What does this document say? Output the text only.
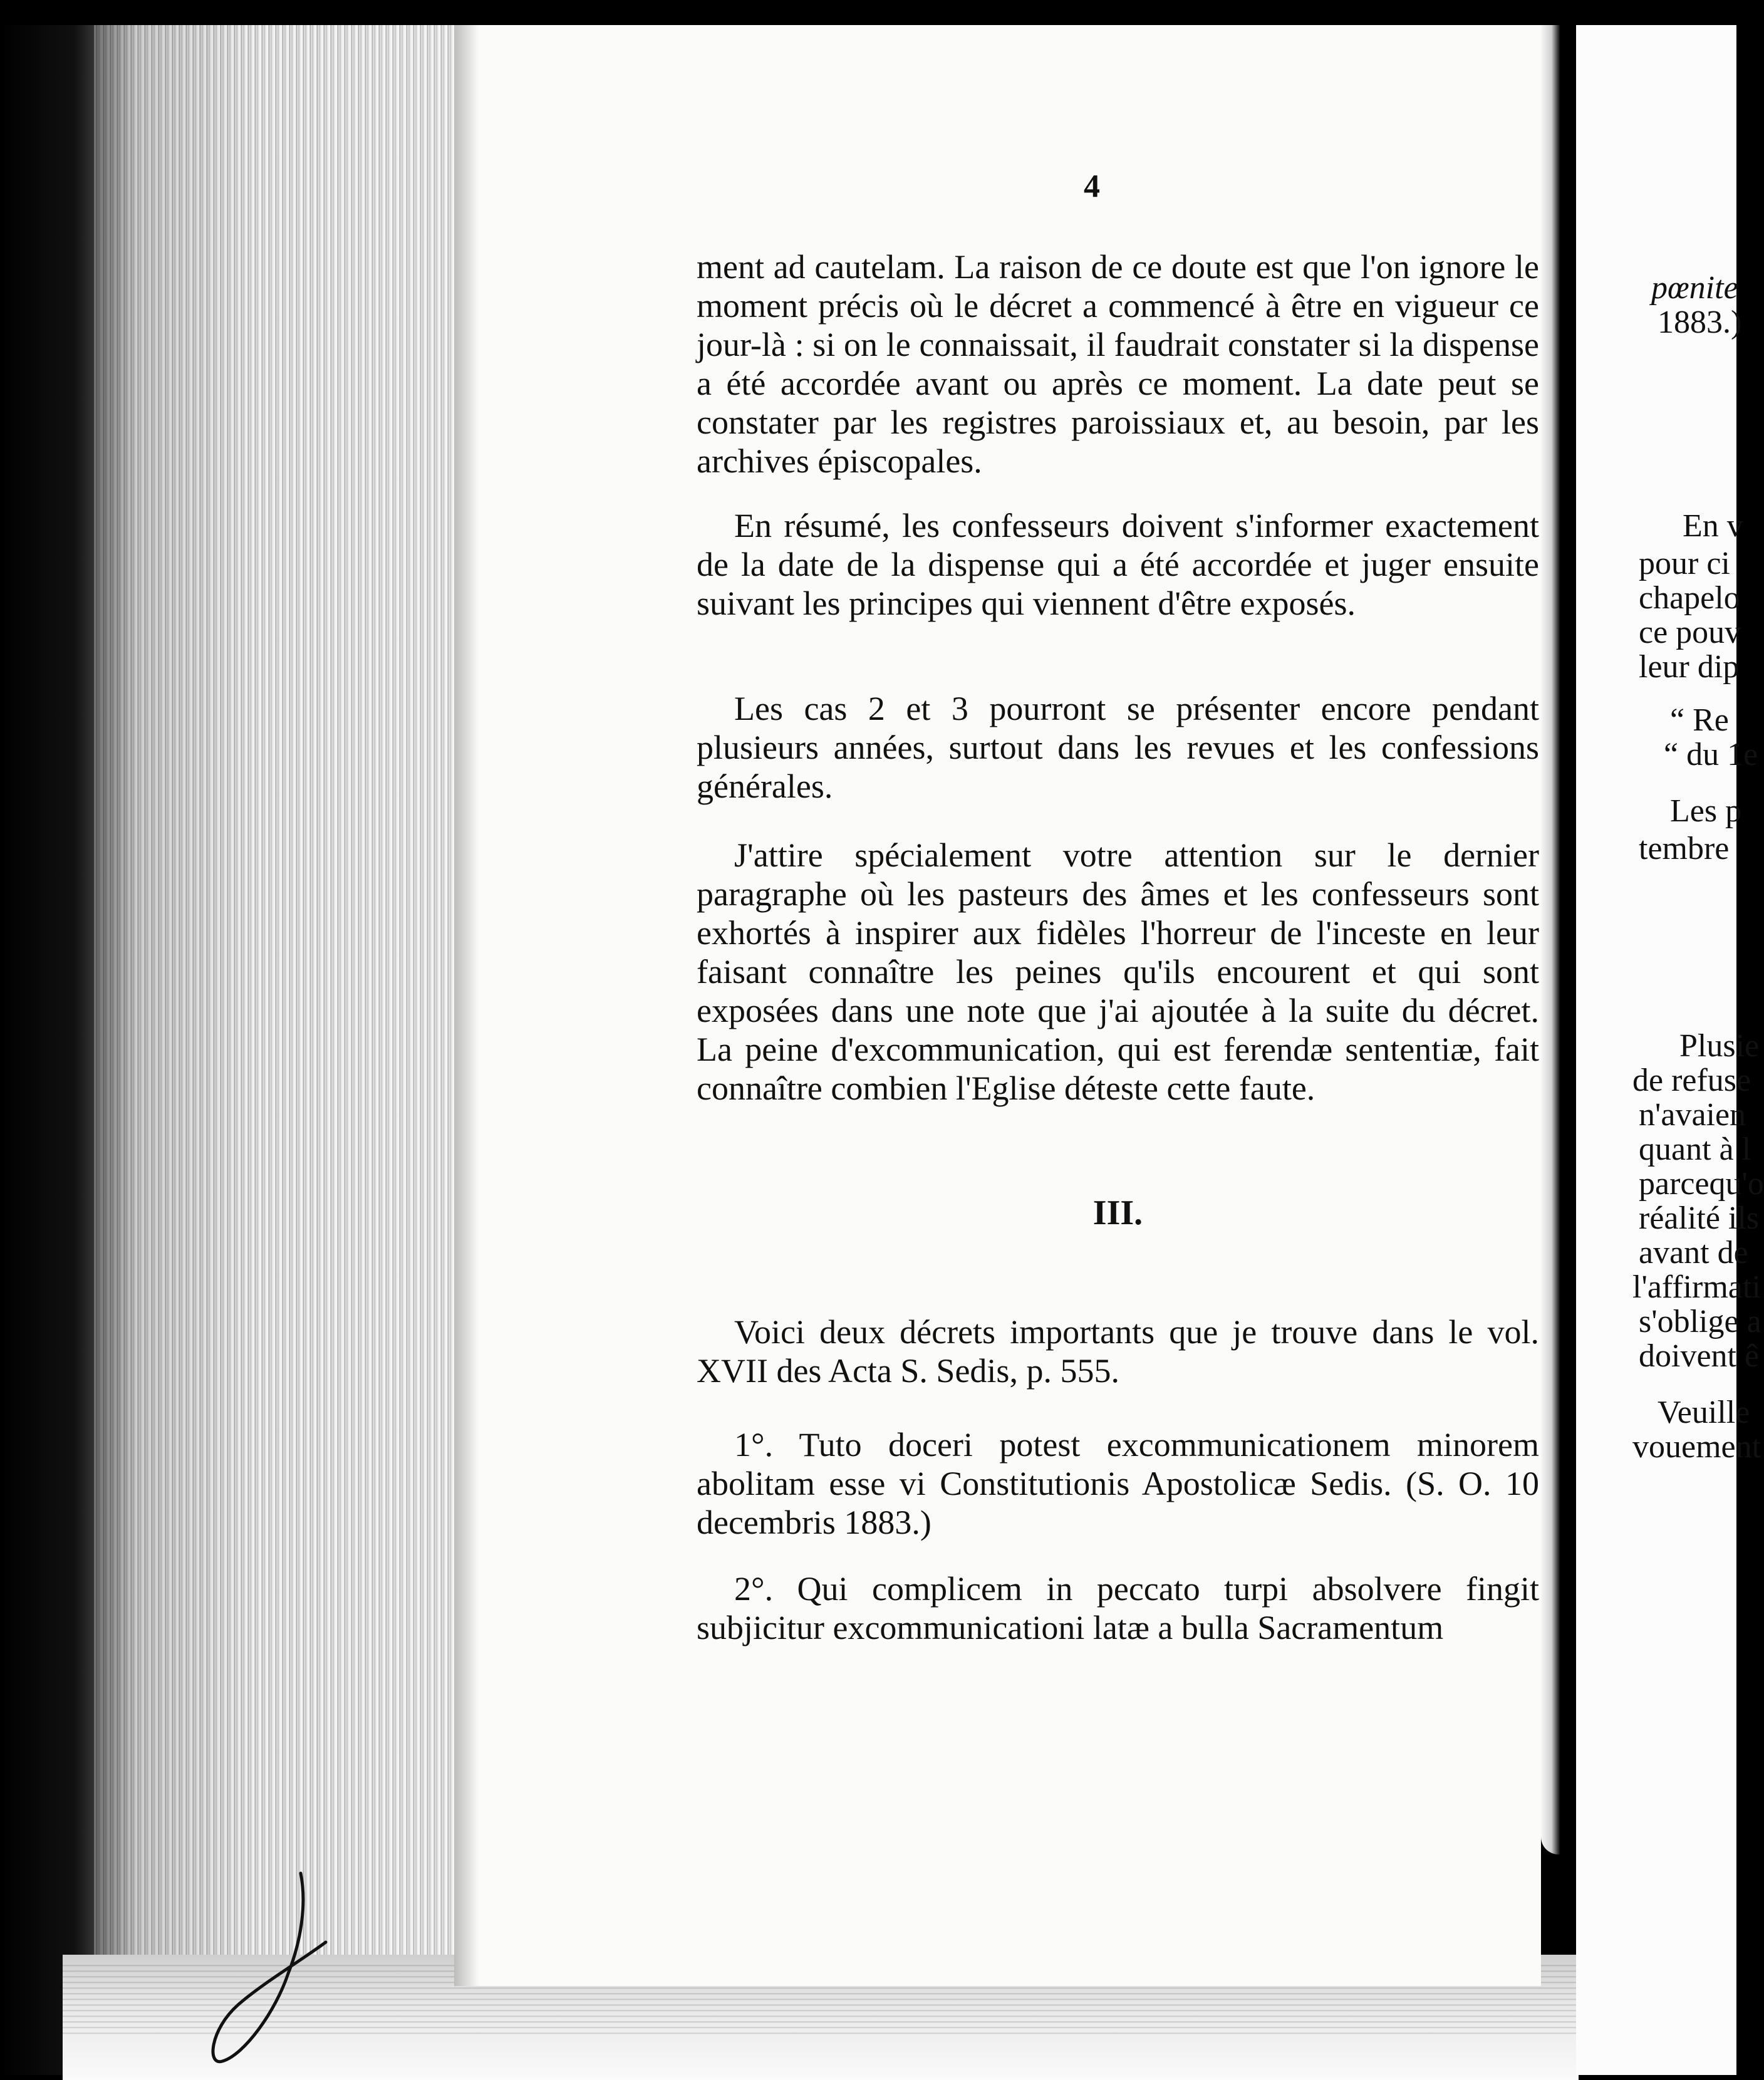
4

ment ad cautelam. La raison de ce doute est que l'on ignore le moment précis où le décret a commencé à être en vigueur ce jour-là : si on le connaissait, il faudrait constater si la dispense a été accordée avant ou après ce moment. La date peut se constater par les registres paroissiaux et, au besoin, par les archives épiscopales.

En résumé, les confesseurs doivent s'informer exactement de la date de la dispense qui a été accordée et juger ensuite suivant les principes qui viennent d'être exposés.

Les cas 2 et 3 pourront se présenter encore pendant plusieurs années, surtout dans les revues et les confessions générales.

J'attire spécialement votre attention sur le dernier paragraphe où les pasteurs des âmes et les confesseurs sont exhortés à inspirer aux fidèles l'horreur de l'inceste en leur faisant connaître les peines qu'ils encourent et qui sont exposées dans une note que j'ai ajoutée à la suite du décret. La peine d'excommunication, qui est ferendæ sententiæ, fait connaître combien l'Eglise déteste cette faute.

III.

Voici deux décrets importants que je trouve dans le vol. XVII des Acta S. Sedis, p. 555.

1°. Tuto doceri potest excommunicationem minorem abolitam esse vi Constitutionis Apostolicæ Sedis. (S. O. 10 decembris 1883.)

2°. Qui complicem in peccato turpi absolvere fingit subjicitur excommunicationi latæ a bulla Sacramentum

pœnite
1883.)
En v
pour ci
chapelo
ce pouv
leur dip
“ Re
“ du 1e
Les p
tembre
Plusie
de refuse
n'avaien
quant à l
parcequ'o
réalité ils
avant de
l'affirmati
s'oblige a
doivent ê
Veuille
vouement
